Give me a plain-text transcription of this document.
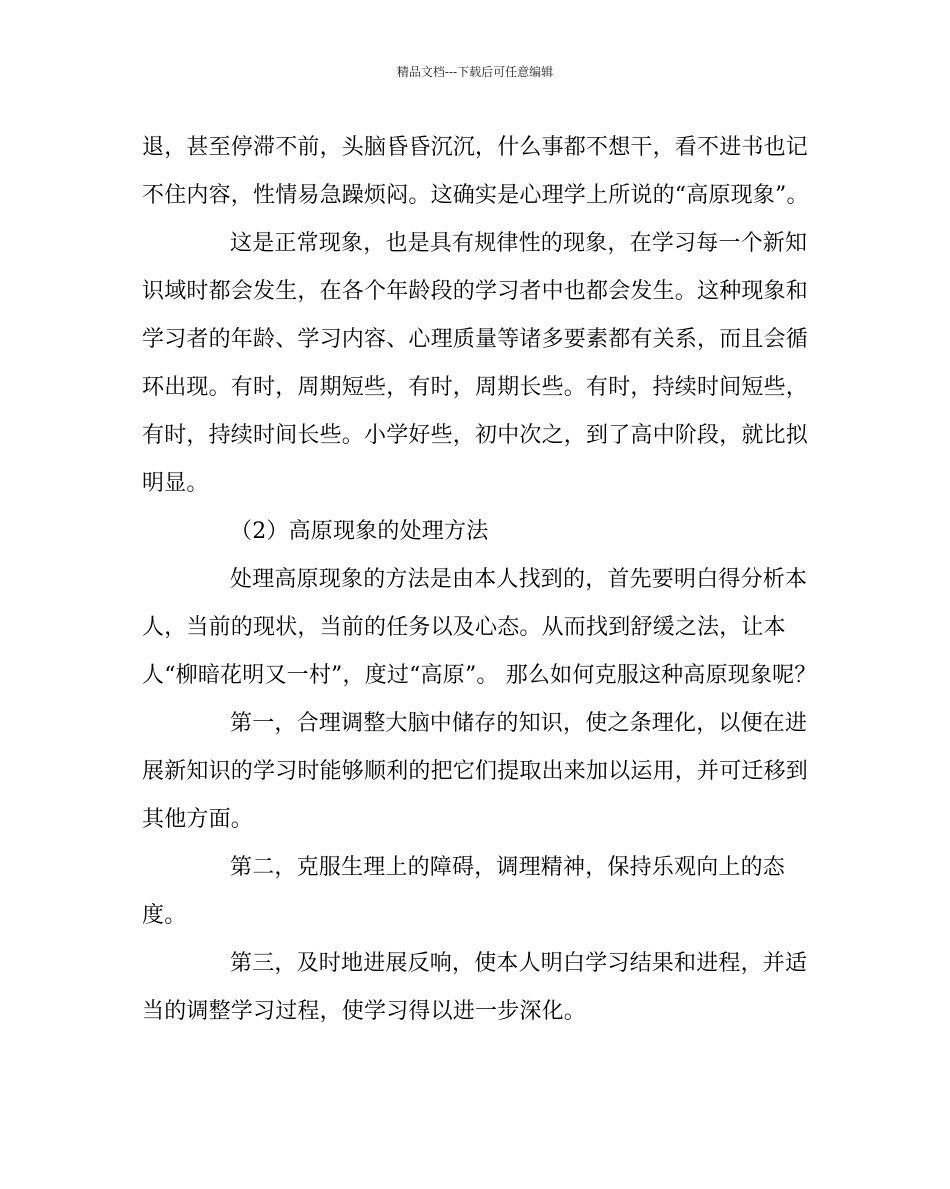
精品文档---下载后可任意编辑
退，甚至停滞不前，头脑昏昏沉沉，什么事都不想干，看不进书也记
不住内容，性情易急躁烦闷。这确实是心理学上所说的“高原现象”。
这是正常现象，也是具有规律性的现象，在学习每一个新知
识域时都会发生，在各个年龄段的学习者中也都会发生。这种现象和
学习者的年龄、学习内容、心理质量等诸多要素都有关系，而且会循
环出现。有时，周期短些，有时，周期长些。有时，持续时间短些，
有时，持续时间长些。小学好些，初中次之，到了高中阶段，就比拟
明显。
（2）高原现象的处理方法
处理高原现象的方法是由本人找到的，首先要明白得分析本
人，当前的现状，当前的任务以及心态。从而找到舒缓之法，让本
人“柳暗花明又一村”，度过“高原”。 那么如何克服这种高原现象呢？
第一，合理调整大脑中储存的知识，使之条理化，以便在进
展新知识的学习时能够顺利的把它们提取出来加以运用，并可迁移到
其他方面。
第二，克服生理上的障碍，调理精神，保持乐观向上的态
度。
第三，及时地进展反响，使本人明白学习结果和进程，并适
当的调整学习过程，使学习得以进一步深化。
